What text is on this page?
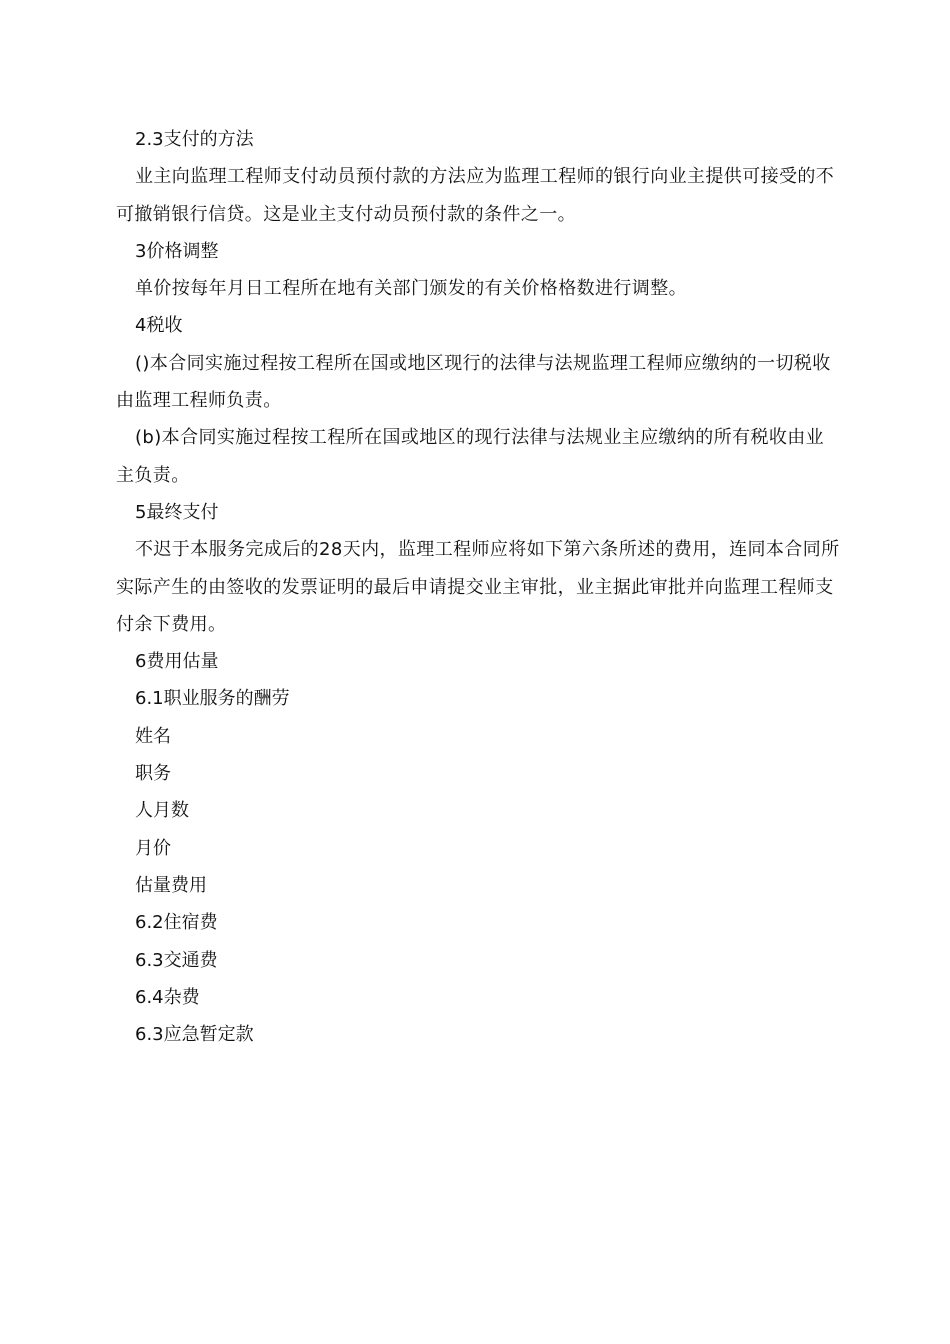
2.3支付的方法

业主向监理工程师支付动员预付款的方法应为监理工程师的银行向业主提供可接受的不可撤销银行信贷。这是业主支付动员预付款的条件之一。

3价格调整

单价按每年月日工程所在地有关部门颁发的有关价格格数进行调整。

4税收

()本合同实施过程按工程所在国或地区现行的法律与法规监理工程师应缴纳的一切税收由监理工程师负责。

(b)本合同实施过程按工程所在国或地区的现行法律与法规业主应缴纳的所有税收由业主负责。

5最终支付

不迟于本服务完成后的28天内，监理工程师应将如下第六条所述的费用，连同本合同所实际产生的由签收的发票证明的最后申请提交业主审批，业主据此审批并向监理工程师支付余下费用。

6费用估量

6.1职业服务的酬劳

姓名

职务

人月数

月价

估量费用

6.2住宿费

6.3交通费

6.4杂费

6.3应急暂定款
